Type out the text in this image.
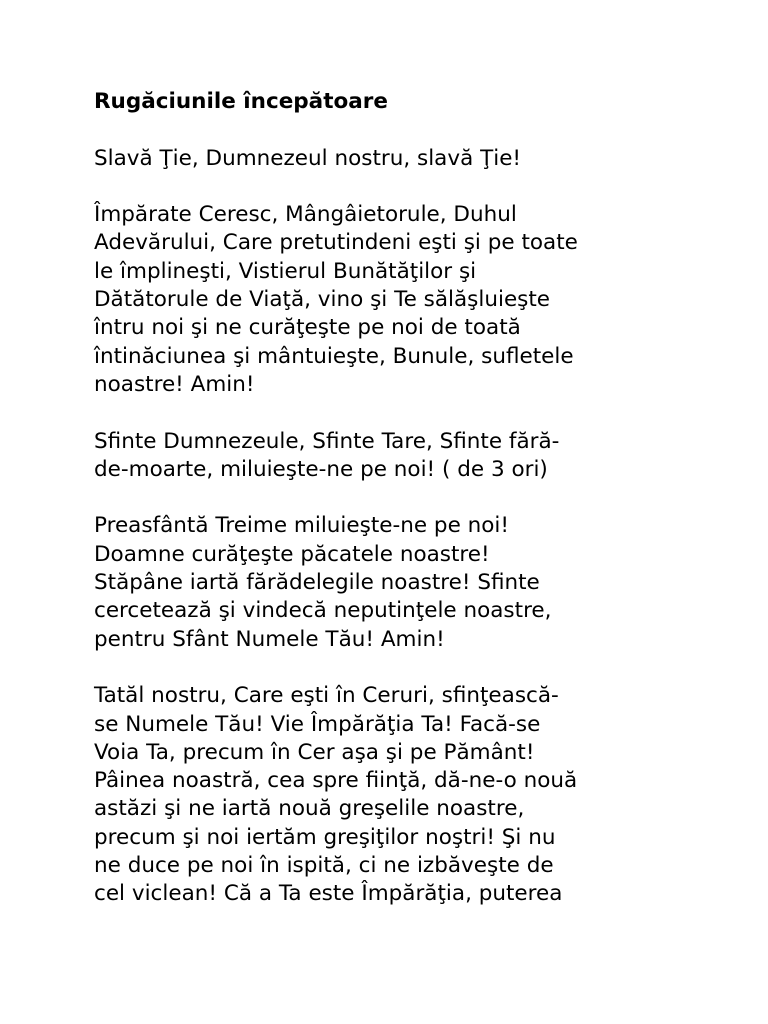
Rugăciunile începătoare
Slavă Ţie, Dumnezeul nostru, slavă Ţie!
Împărate Ceresc, Mângâietorule, Duhul
Adevărului, Care pretutindeni eşti şi pe toate
le împlineşti, Vistierul Bunătăţilor şi
Dătătorule de Viaţă, vino şi Te sălăşluieşte
întru noi şi ne curăţeşte pe noi de toată
întinăciunea şi mântuieşte, Bunule, sufletele
noastre! Amin!
Sfinte Dumnezeule, Sfinte Tare, Sfinte fără-
de-moarte, miluieşte-ne pe noi! ( de 3 ori)
Preasfântă Treime miluieşte-ne pe noi!
Doamne curăţeşte păcatele noastre!
Stăpâne iartă fărădelegile noastre! Sfinte
cercetează şi vindecă neputinţele noastre,
pentru Sfânt Numele Tău! Amin!
Tatăl nostru, Care eşti în Ceruri, sfinţească-
se Numele Tău! Vie Împărăţia Ta! Facă-se
Voia Ta, precum în Cer aşa şi pe Pământ!
Pâinea noastră, cea spre fiinţă, dă-ne-o nouă
astăzi şi ne iartă nouă greşelile noastre,
precum şi noi iertăm greşiţilor noştri! Şi nu
ne duce pe noi în ispită, ci ne izbăveşte de
cel viclean! Că a Ta este Împărăţia, puterea
